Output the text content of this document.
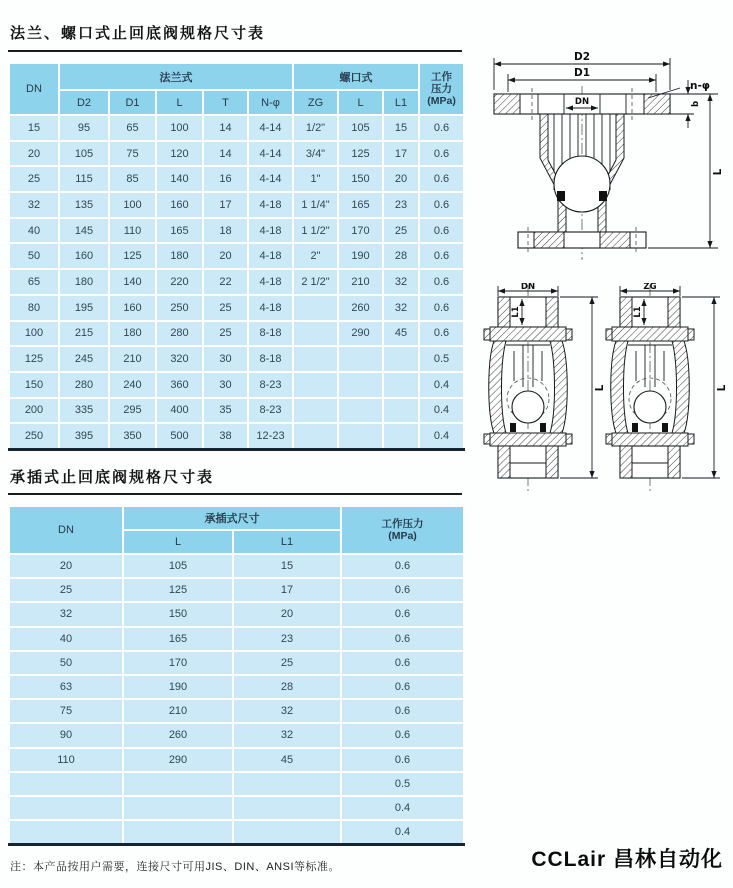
法兰、螺口式止回底阀规格尺寸表
DN	法兰式					螺口式			工作
压力
(MPa)

	D2	D1	L	T	N-φ	ZG	L	L1	
15	95	65	100	14	4-14	1/2"	105	15	0.6
20	105	75	120	14	4-14	3/4"	125	17	0.6
25	115	85	140	16	4-14	1"	150	20	0.6
32	135	100	160	17	4-18	1 1/4"	165	23	0.6
40	145	110	165	18	4-18	1 1/2"	170	25	0.6
50	160	125	180	20	4-18	2"	190	28	0.6
65	180	140	220	22	4-18	2 1/2"	210	32	0.6
80	195	160	250	25	4-18		260	32	0.6
100	215	180	280	25	8-18		290	45	0.6
125	245	210	320	30	8-18				0.5
150	280	240	360	30	8-23				0.4
200	335	295	400	35	8-23				0.4
250	395	350	500	38	12-23				0.4
承插式止回底阀规格尺寸表
DN	承插式尺寸		工作压力
(MPa)

	L	L1	
20	105	15	0.6
25	125	17	0.6
32	150	20	0.6
40	165	23	0.6
50	170	25	0.6
63	190	28	0.6
75	210	32	0.6
90	260	32	0.6
110	290	45	0.6
			0.5
			0.4
			0.4
D2
D1
DN
n-φ
b
L
DN
L1
L
ZG
L1
L
注：本产品按用户需要，连接尺寸可用JIS、DIN、ANSI等标准。	CCLair 昌林自动化
